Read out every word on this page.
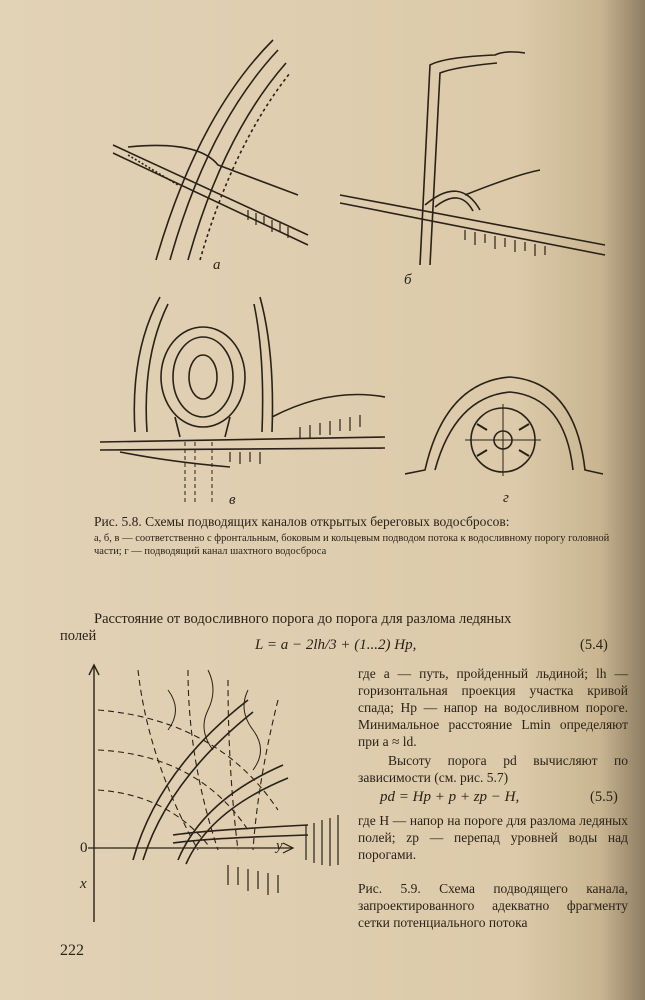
а
б
в	г
Рис. 5.8. Схемы подводящих каналов открытых береговых водосбросов:
а, б, в — соответственно с фронтальным, боковым и кольцевым подводом потока к водосливному порогу головной части; г — подводящий канал шахтного водосброса
Расстояние от водосливного порога до порога для разлома ледяных
полей
L = a − 2lh/3 + (1...2) Hp,	(5.4)
y
x
0
где a — путь, пройденный льдиной; lh — горизонтальная проекция участка кривой спада; Hp — напор на водосливном пороге. Минимальное расстояние Lmin определяют при a ≈ ld.
Высоту порога pd вычисляют по зависимости (см. рис. 5.7)
pd = Hp + p + zp − H,	(5.5)
где H — напор на пороге для разлома ледяных полей; zp — перепад уровней воды над порогами.
Рис. 5.9. Схема подводящего канала, запроектированного адекватно фрагменту сетки потенциального потока
222
